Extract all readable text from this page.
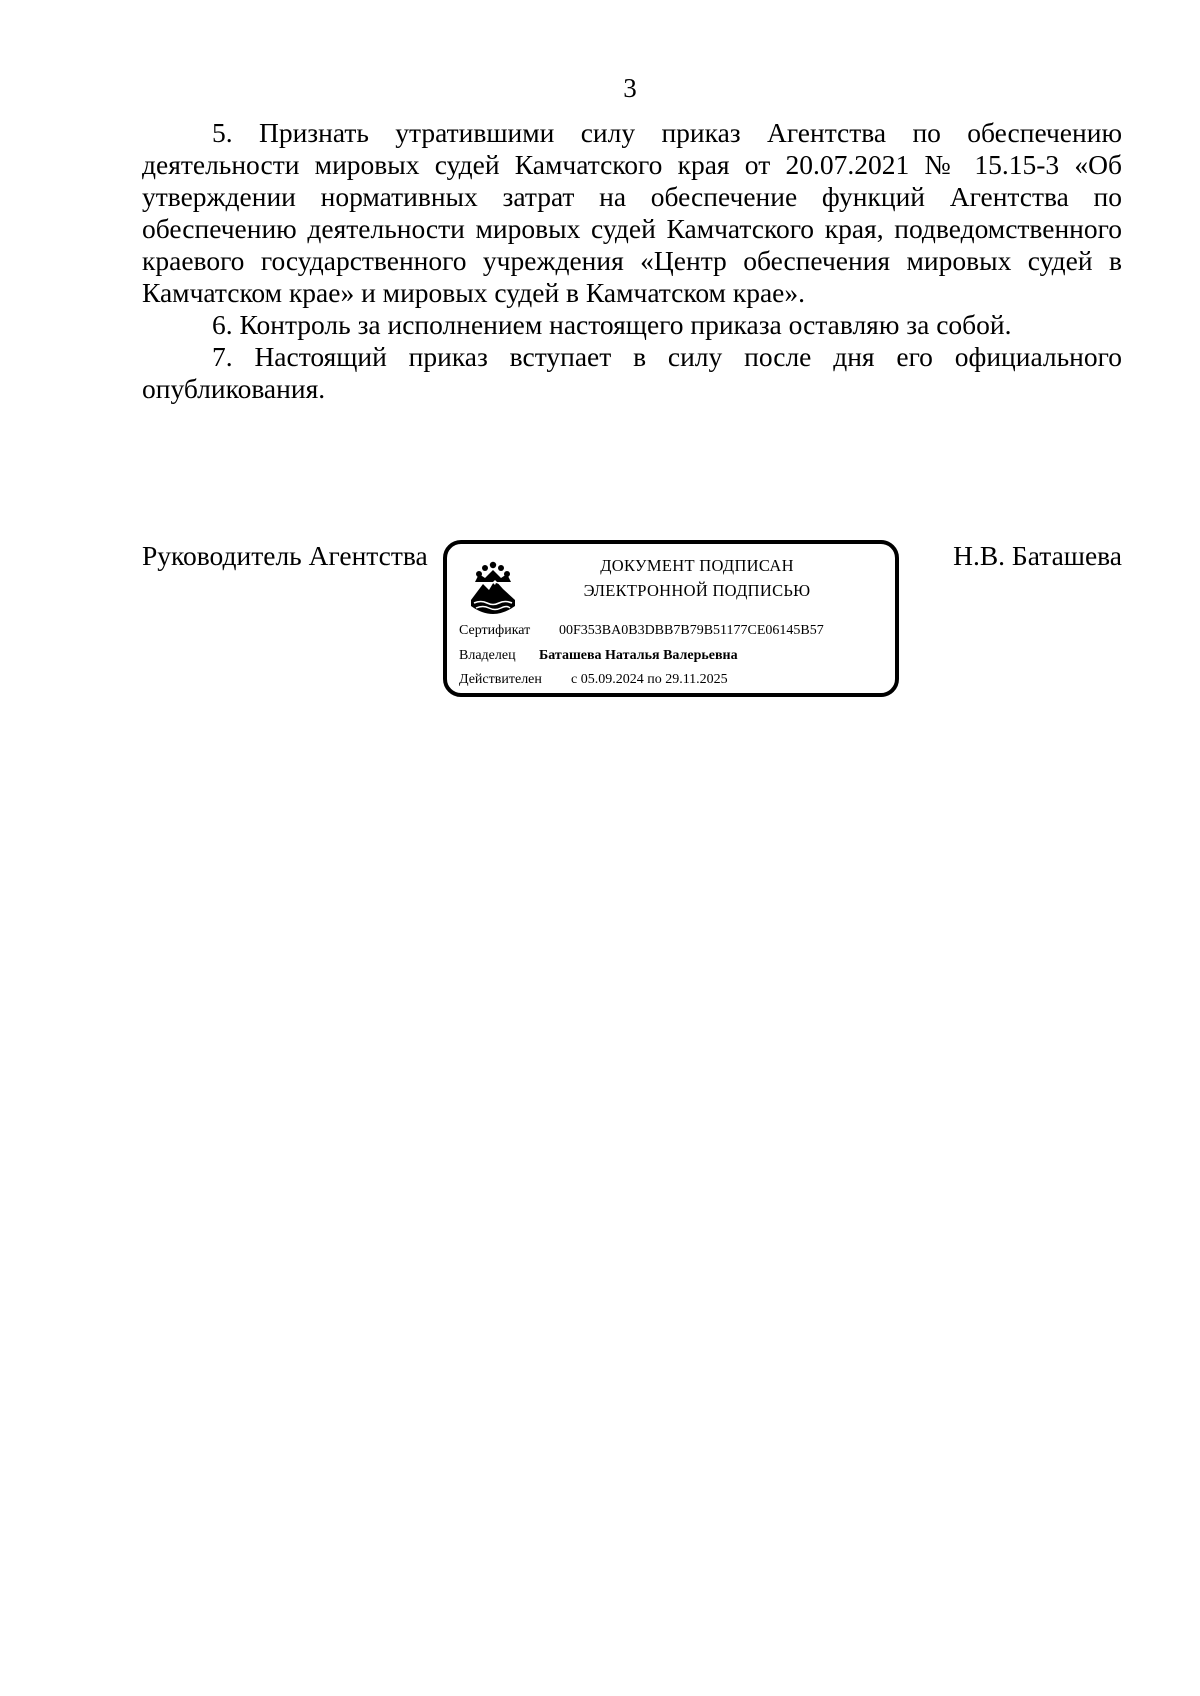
3

5. Признать утратившими силу приказ Агентства по обеспечению деятельности мировых судей Камчатского края от 20.07.2021 № 15.15-3 «Об утверждении нормативных затрат на обеспечение функций Агентства по обеспечению деятельности мировых судей Камчатского края, подведомственного краевого государственного учреждения «Центр обеспечения мировых судей в Камчатском крае» и мировых судей в Камчатском крае».

6. Контроль за исполнением настоящего приказа оставляю за собой.

7. Настоящий приказ вступает в силу после дня его официального опубликования.

Руководитель Агентства	Н.В. Баташева
ДОКУМЕНТ ПОДПИСАН
ЭЛЕКТРОННОЙ ПОДПИСЬЮ
Сертификат 00F353BA0B3DBB7B79B51177CE06145B57
Владелец Баташева Наталья Валерьевна
Действителен с 05.09.2024 по 29.11.2025
